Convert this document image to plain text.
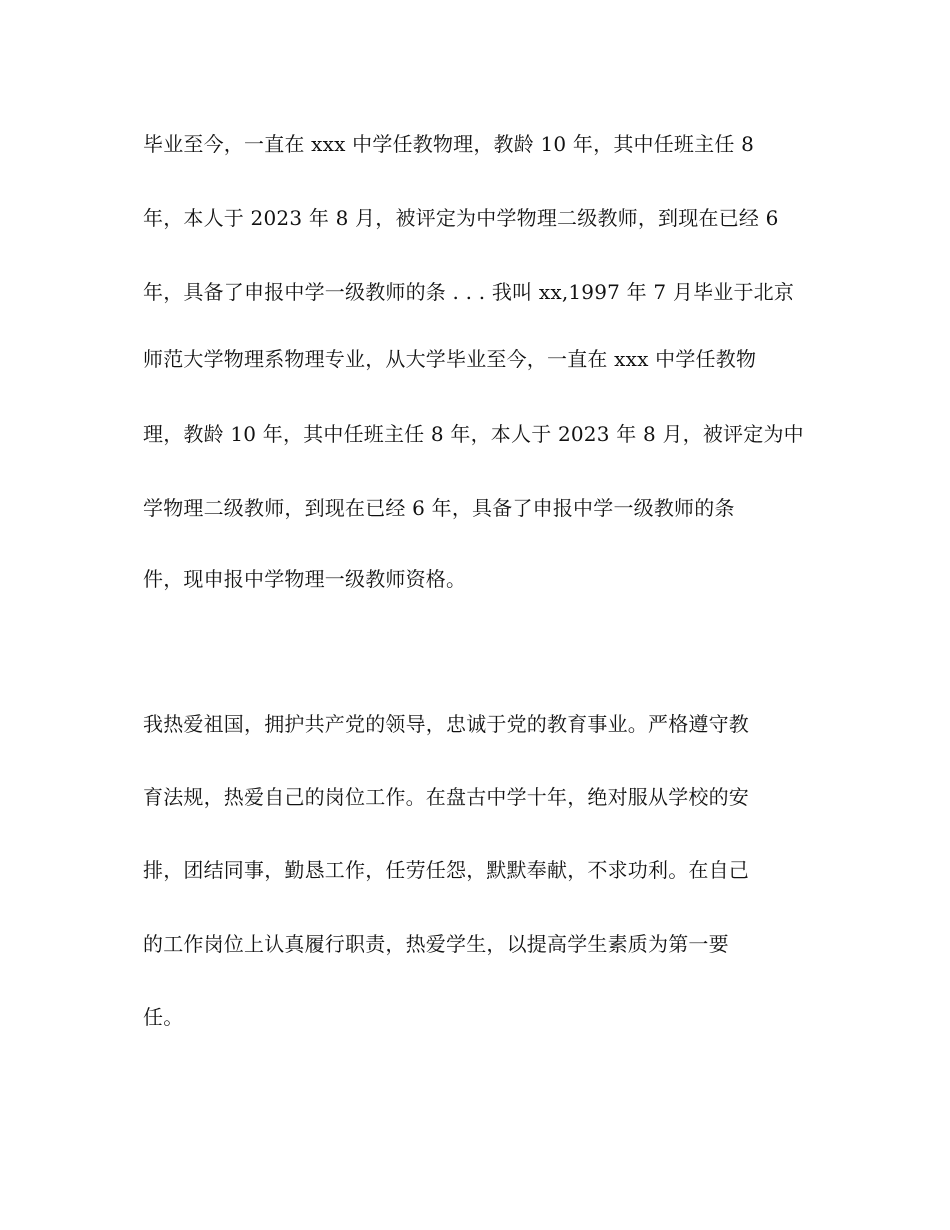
毕业至今，一直在 xxx 中学任教物理，教龄 10 年，其中任班主任 8
年，本人于 2023 年 8 月，被评定为中学物理二级教师，到现在已经 6
年，具备了申报中学一级教师的条 . . . 我叫 xx,1997 年 7 月毕业于北京
师范大学物理系物理专业，从大学毕业至今，一直在 xxx 中学任教物
理，教龄 10 年，其中任班主任 8 年，本人于 2023 年 8 月，被评定为中
学物理二级教师，到现在已经 6 年，具备了申报中学一级教师的条
件，现申报中学物理一级教师资格。
我热爱祖国，拥护共产党的领导，忠诚于党的教育事业。严格遵守教
育法规，热爱自己的岗位工作。在盘古中学十年，绝对服从学校的安
排，团结同事，勤恳工作，任劳任怨，默默奉献，不求功利。在自己
的工作岗位上认真履行职责，热爱学生，以提高学生素质为第一要
任。
